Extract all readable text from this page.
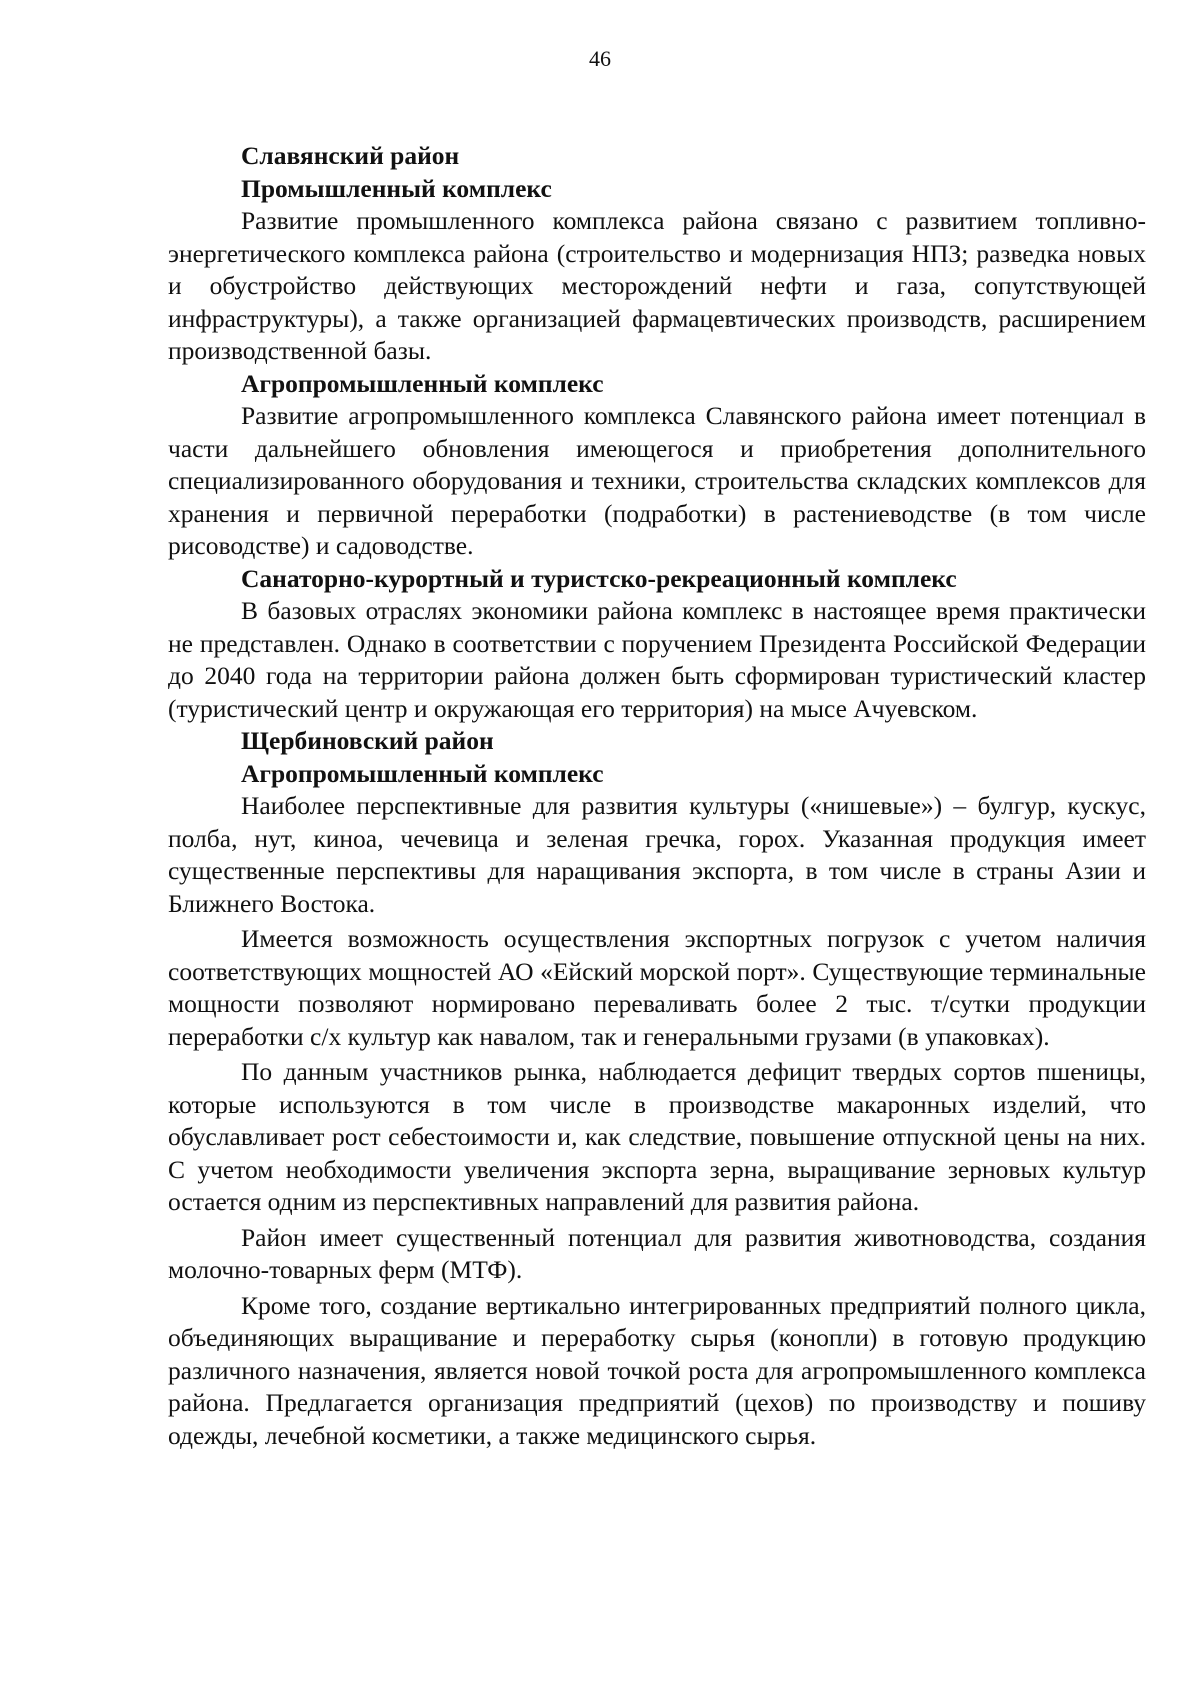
46

Славянский район

Промышленный комплекс

Развитие промышленного комплекса района связано с развитием топливно-энергетического комплекса района (строительство и модернизация НПЗ; разведка новых и обустройство действующих месторождений нефти и газа, сопутствующей инфраструктуры), а также организацией фармацевтических производств, расширением производственной базы.

Агропромышленный комплекс

Развитие агропромышленного комплекса Славянского района имеет потенциал в части дальнейшего обновления имеющегося и приобретения дополнительного специализированного оборудования и техники, строительства складских комплексов для хранения и первичной переработки (подработки) в растениеводстве (в том числе рисоводстве) и садоводстве.

Санаторно-курортный и туристско-рекреационный комплекс

В базовых отраслях экономики района комплекс в настоящее время практически не представлен. Однако в соответствии с поручением Президента Российской Федерации до 2040 года на территории района должен быть сформирован туристический кластер (туристический центр и окружающая его территория) на мысе Ачуевском.

Щербиновский район

Агропромышленный комплекс

Наиболее перспективные для развития культуры («нишевые») – булгур, кускус, полба, нут, киноа, чечевица и зеленая гречка, горох. Указанная продукция имеет существенные перспективы для наращивания экспорта, в том числе в страны Азии и Ближнего Востока.

Имеется возможность осуществления экспортных погрузок с учетом наличия соответствующих мощностей АО «Ейский морской порт». Существующие терминальные мощности позволяют нормировано переваливать более 2 тыс. т/сутки продукции переработки с/х культур как навалом, так и генеральными грузами (в упаковках).

По данным участников рынка, наблюдается дефицит твердых сортов пшеницы, которые используются в том числе в производстве макаронных изделий, что обуславливает рост себестоимости и, как следствие, повышение отпускной цены на них. С учетом необходимости увеличения экспорта зерна, выращивание зерновых культур остается одним из перспективных направлений для развития района.

Район имеет существенный потенциал для развития животноводства, создания молочно-товарных ферм (МТФ).

Кроме того, создание вертикально интегрированных предприятий полного цикла, объединяющих выращивание и переработку сырья (конопли) в готовую продукцию различного назначения, является новой точкой роста для агропромышленного комплекса района. Предлагается организация предприятий (цехов) по производству и пошиву одежды, лечебной косметики, а также медицинского сырья.
